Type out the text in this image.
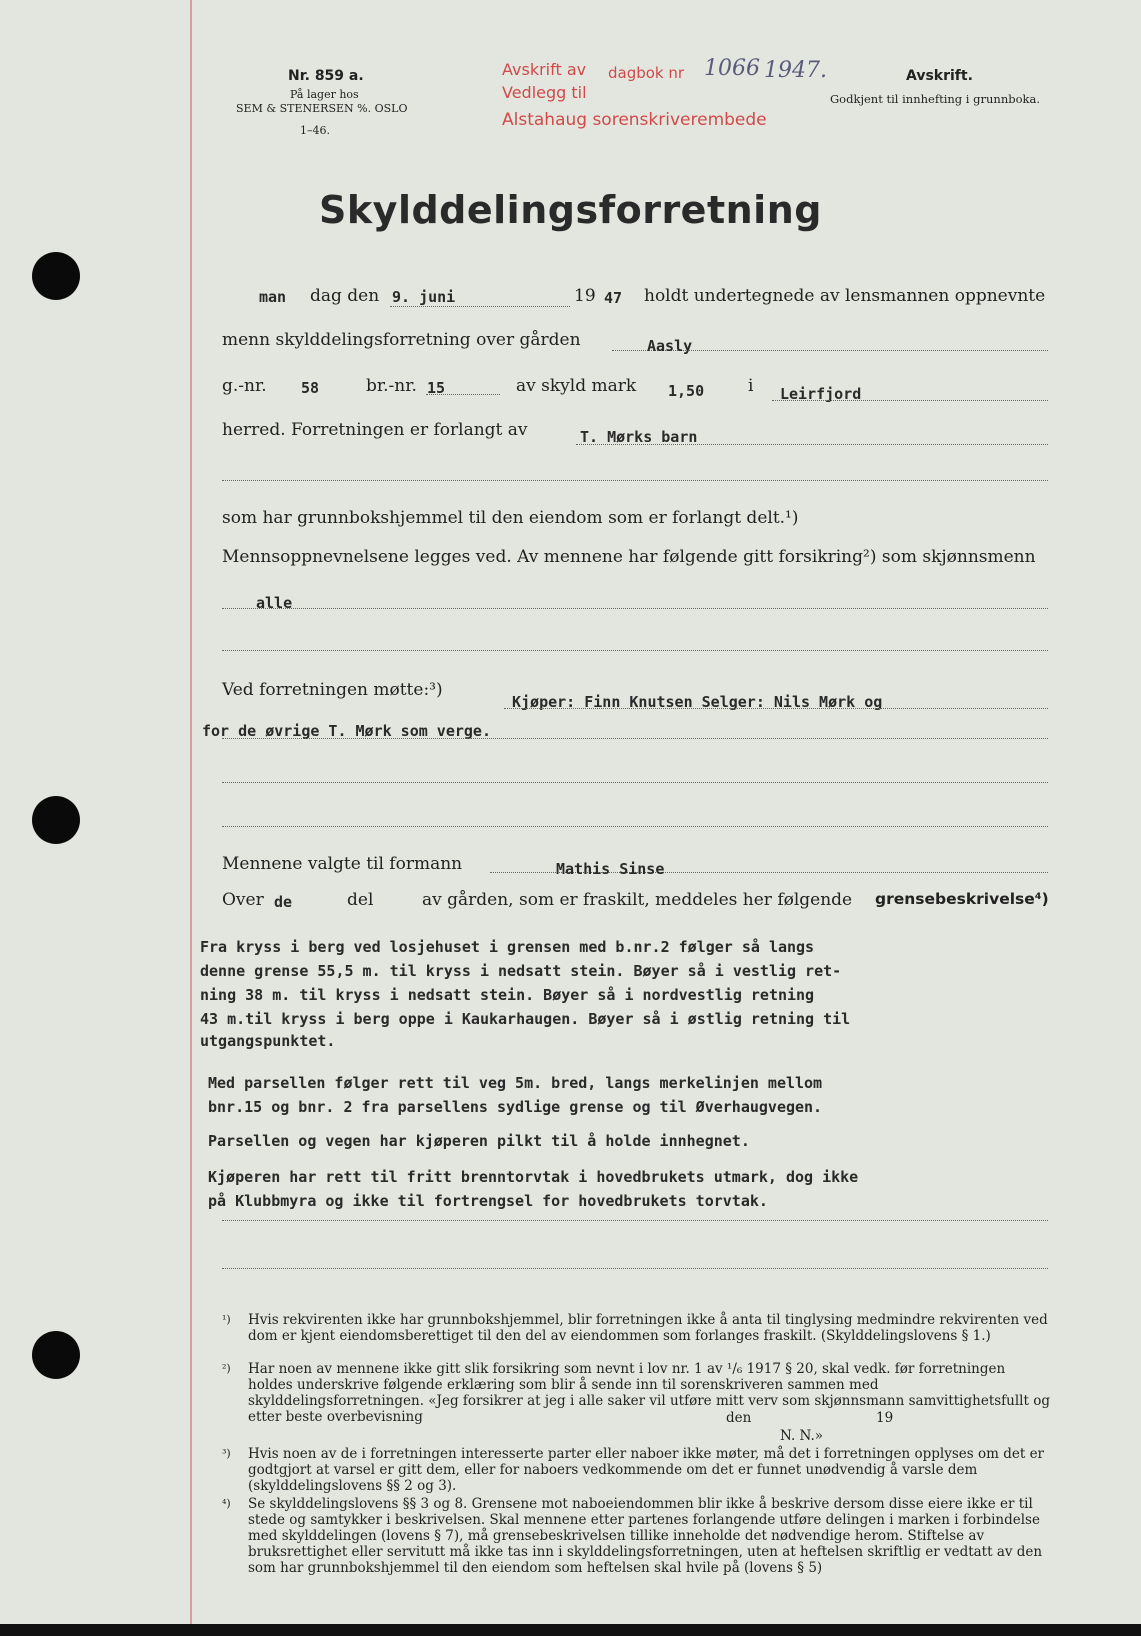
Nr. 859 a.
På lager hos
SEM & STENERSEN %. OSLO
1–46.
Avskrift av dagbok nr 1066 1947.
Vedlegg til
Alstahaug sorenskriverembede
Avskrift.
Godkjent til innhefting i grunnboka.
Skylddelingsforretning
man dag den 9. juni	19 47 holdt undertegnede av lensmannen oppnevnte
menn skylddelingsforretning over gården	Aasly
g.-nr. 58	br.-nr. 15	av skyld mark 1,50	i Leirfjord
herred. Forretningen er forlangt av	T. Mørks barn
som har grunnbokshjemmel til den eiendom som er forlangt delt.¹)
Mennsoppnevnelsene legges ved. Av mennene har følgende gitt forsikring²) som skjønnsmenn
alle
Ved forretningen møtte:³)
Kjøper: Finn Knutsen Selger: Nils Mørk og
for de øvrige T. Mørk som verge.
Mennene valgte til formann	Mathis Sinse
Over de	del	av gården, som er fraskilt, meddeles her følgende grensebeskrivelse⁴)
Fra kryss i berg ved losjehuset i grensen med b.nr.2 følger så langs
denne grense 55,5 m. til kryss i nedsatt stein. Bøyer så i vestlig ret-
ning 38 m. til kryss i nedsatt stein. Bøyer så i nordvestlig retning
43 m.til kryss i berg oppe i Kaukarhaugen. Bøyer så i østlig retning til
utgangspunktet.
Med parsellen følger rett til veg 5m. bred, langs merkelinjen mellom
bnr.15 og bnr. 2 fra parsellens sydlige grense og til Øverhaugvegen.
Parsellen og vegen har kjøperen pilkt til å holde innhegnet.
Kjøperen har rett til fritt brenntorvtak i hovedbrukets utmark, dog ikke
på Klubbmyra og ikke til fortrengsel for hovedbrukets torvtak.
¹) Hvis rekvirenten ikke har grunnbokshjemmel, blir forretningen ikke å anta til tinglysing medmindre rekvirenten ved dom er kjent eiendomsberettiget til den del av eiendommen som forlanges fraskilt. (Skylddelingslovens § 1.)
²) Har noen av mennene ikke gitt slik forsikring som nevnt i lov nr. 1 av ¹/₆ 1917 § 20, skal vedk. før forretningen holdes underskrive følgende erklæring som blir å sende inn til sorenskriveren sammen med skylddelingsforretningen. «Jeg forsikrer at jeg i alle saker vil utføre mitt verv som skjønnsmann samvittighetsfullt og etter beste overbevisning	den	19
N. N.»
³) Hvis noen av de i forretningen interesserte parter eller naboer ikke møter, må det i forretningen opplyses om det er godtgjort at varsel er gitt dem, eller for naboers vedkommende om det er funnet unødvendig å varsle dem (skylddelingslovens §§ 2 og 3).
⁴) Se skylddelingslovens §§ 3 og 8. Grensene mot naboeiendommen blir ikke å beskrive dersom disse eiere ikke er til stede og samtykker i beskrivelsen. Skal mennene etter partenes forlangende utføre delingen i marken i forbindelse med skylddelingen (lovens § 7), må grensebeskrivelsen tillike inneholde det nødvendige herom. Stiftelse av bruksrettighet eller servitutt må ikke tas inn i skylddelingsforretningen, uten at heftelsen skriftlig er vedtatt av den som har grunnbokshjemmel til den eiendom som heftelsen skal hvile på (lovens § 5)
